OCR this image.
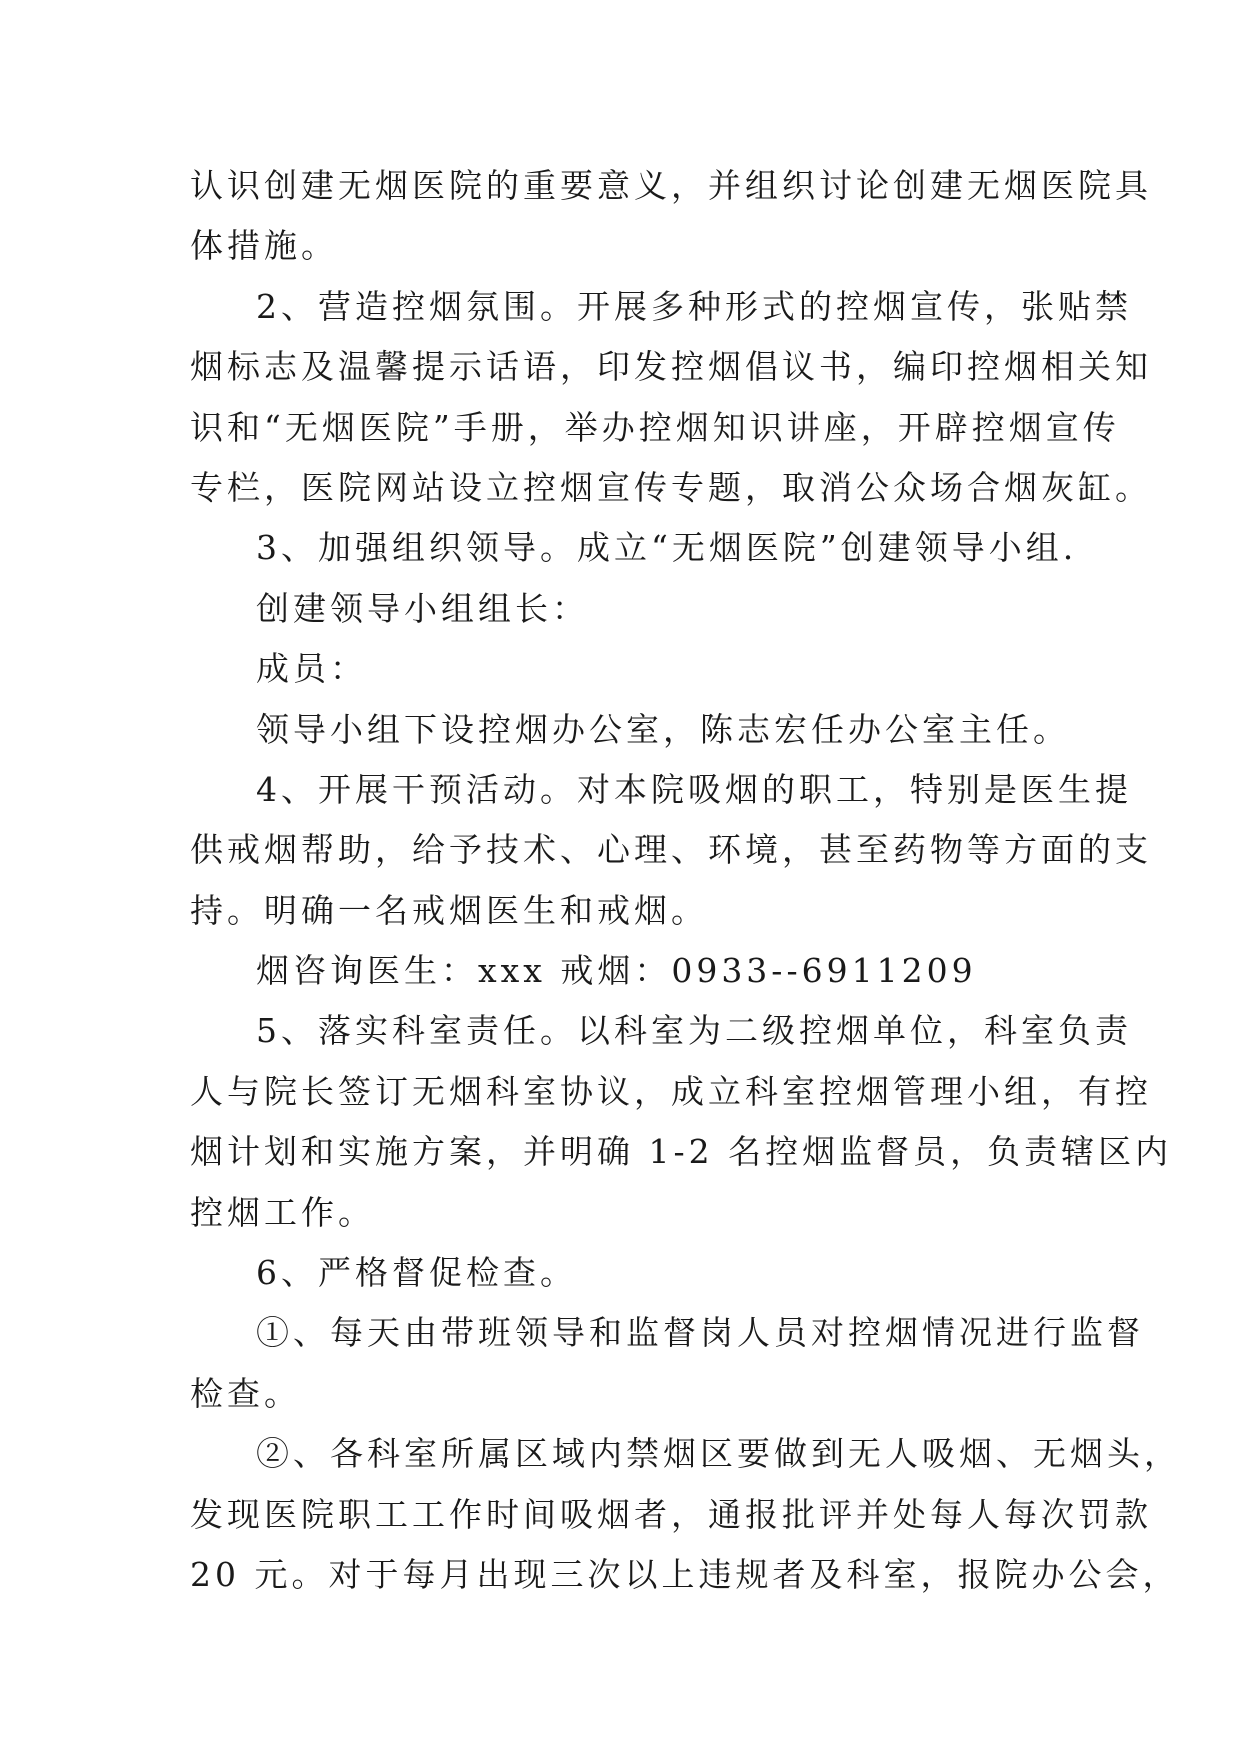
认识创建无烟医院的重要意义，并组织讨论创建无烟医院具
体措施。
2、营造控烟氛围。开展多种形式的控烟宣传，张贴禁
烟标志及温馨提示话语，印发控烟倡议书，编印控烟相关知
识和“无烟医院”手册，举办控烟知识讲座，开辟控烟宣传
专栏，医院网站设立控烟宣传专题，取消公众场合烟灰缸。
3、加强组织领导。成立“无烟医院”创建领导小组.
创建领导小组组长：
成员：
领导小组下设控烟办公室，陈志宏任办公室主任。
4、开展干预活动。对本院吸烟的职工，特别是医生提
供戒烟帮助，给予技术、心理、环境，甚至药物等方面的支
持。明确一名戒烟医生和戒烟。
烟咨询医生：xxx 戒烟：0933--6911209
5、落实科室责任。以科室为二级控烟单位，科室负责
人与院长签订无烟科室协议，成立科室控烟管理小组，有控
烟计划和实施方案，并明确 1-2 名控烟监督员，负责辖区内
控烟工作。
6、严格督促检查。
①、每天由带班领导和监督岗人员对控烟情况进行监督
检查。
②、各科室所属区域内禁烟区要做到无人吸烟、无烟头，
发现医院职工工作时间吸烟者，通报批评并处每人每次罚款
20 元。对于每月出现三次以上违规者及科室，报院办公会，
